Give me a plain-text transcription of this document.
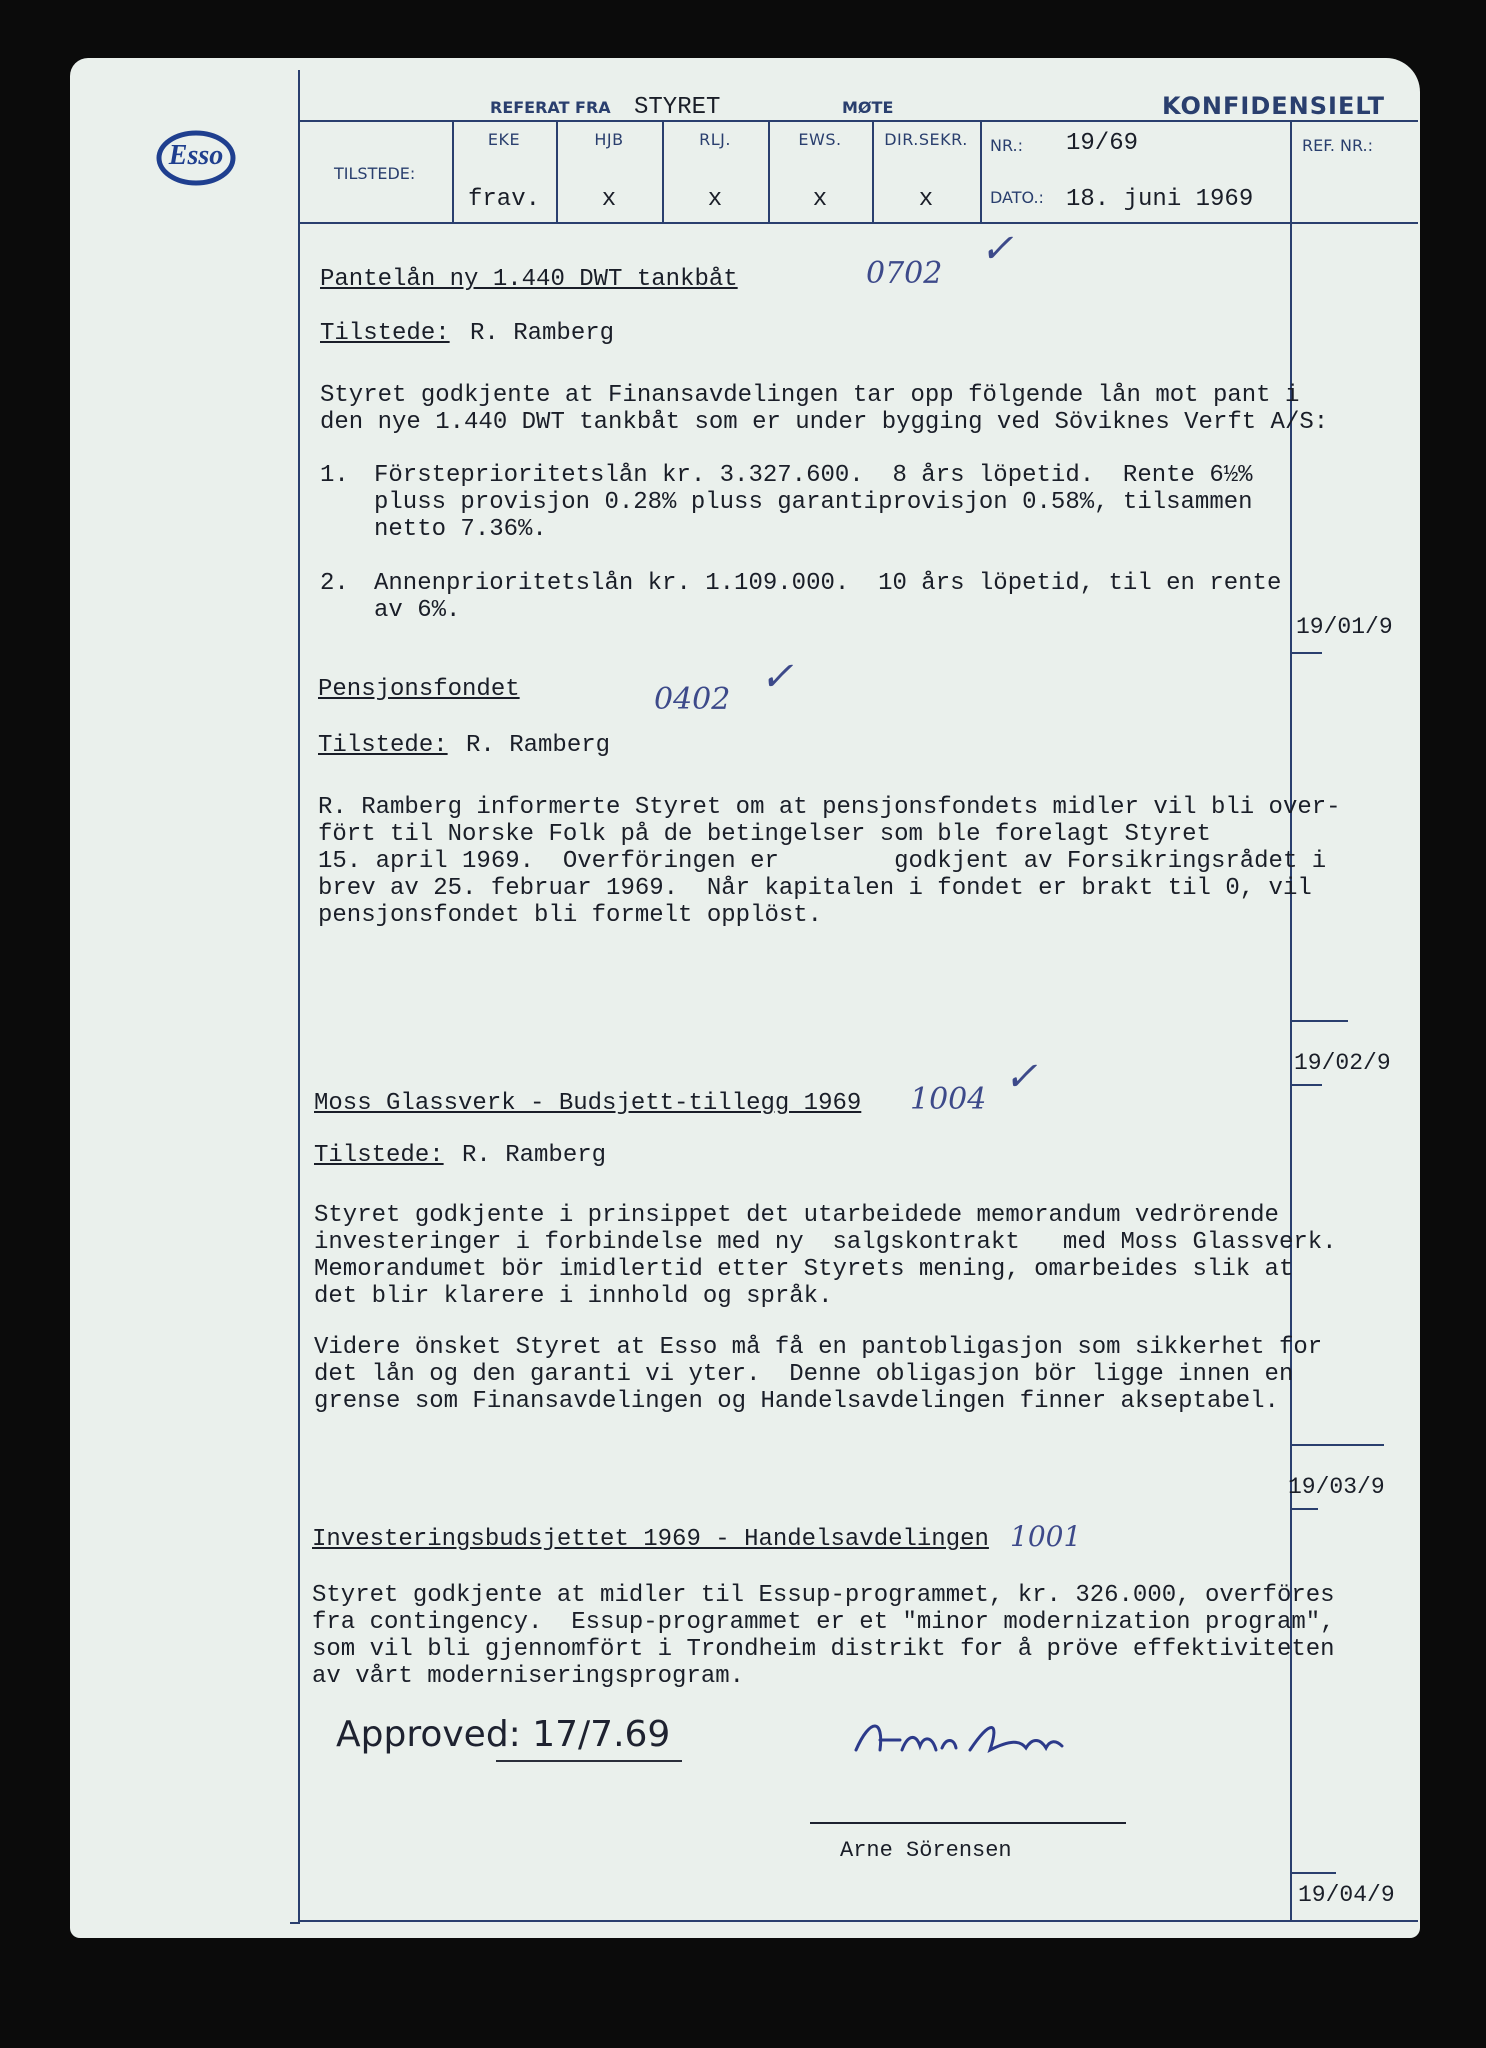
Esso
REFERAT FRA STYRET	MØTE	KONFIDENSIELT
TILSTEDE:
EKE	HJB	RLJ.	EWS.	DIR.SEKR.
frav.	x	x	x	x
NR.: 19/69
DATO.: 18. juni 1969
REF. NR.:
Pantelån ny 1.440 DWT tankbåt	0702
✓
Tilstede: R. Ramberg
Styret godkjente at Finansavdelingen tar opp fölgende lån mot pant i
den nye 1.440 DWT tankbåt som er under bygging ved Söviknes Verft A/S:
1. Försteprioritetslån kr. 3.327.600.  8 års löpetid.  Rente 6½%
pluss provisjon 0.28% pluss garantiprovisjon 0.58%, tilsammen
netto 7.36%.
2. Annenprioritetslån kr. 1.109.000.  10 års löpetid, til en rente
av 6%.
19/01/9
Pensjonsfondet	0402 ✓
Tilstede: R. Ramberg
R. Ramberg informerte Styret om at pensjonsfondets midler vil bli over-
fört til Norske Folk på de betingelser som ble forelagt Styret
15. april 1969.  Overföringen er        godkjent av Forsikringsrådet i
brev av 25. februar 1969.  Når kapitalen i fondet er brakt til 0, vil
pensjonsfondet bli formelt opplöst.
19/02/9
Moss Glassverk - Budsjett-tillegg 1969 1004 ✓
Tilstede: R. Ramberg
Styret godkjente i prinsippet det utarbeidede memorandum vedrörende
investeringer i forbindelse med ny  salgskontrakt   med Moss Glassverk.
Memorandumet bör imidlertid etter Styrets mening, omarbeides slik at
det blir klarere i innhold og språk.
Videre önsket Styret at Esso må få en pantobligasjon som sikkerhet for
det lån og den garanti vi yter.  Denne obligasjon bör ligge innen en
grense som Finansavdelingen og Handelsavdelingen finner akseptabel.
19/03/9
Investeringsbudsjettet 1969 - Handelsavdelingen 1001
Styret godkjente at midler til Essup-programmet, kr. 326.000, overföres
fra contingency.  Essup-programmet er et "minor modernization program",
som vil bli gjennomfört i Trondheim distrikt for å pröve effektiviteten
av vårt moderniseringsprogram.
Approved: 17/7.69
Arne Sörensen
19/04/9
